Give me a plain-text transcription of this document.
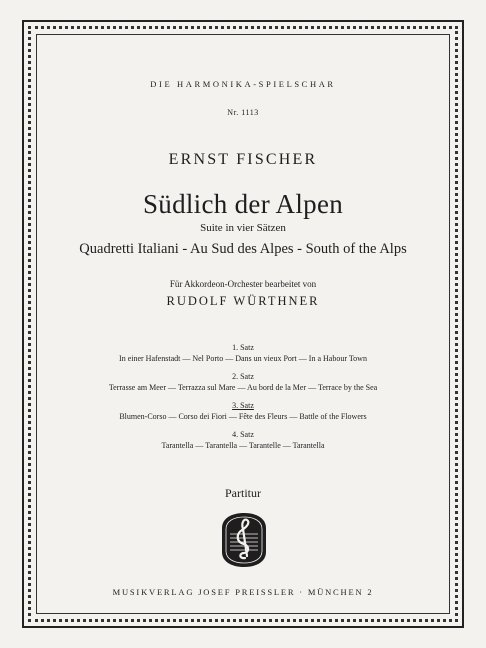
DIE HARMONIKA-SPIELSCHAR
Nr. 1113
ERNST FISCHER
Südlich der Alpen
Suite in vier Sätzen
Quadretti Italiani - Au Sud des Alpes - South of the Alps
Für Akkordeon-Orchester bearbeitet von
RUDOLF WÜRTHNER
1. Satz
In einer Hafenstadt — Nel Porto — Dans un vieux Port — In a Habour Town
2. Satz
Terrasse am Meer — Terrazza sul Mare — Au bord de la Mer — Terrace by the Sea
3. Satz
Blumen-Corso — Corso dei Fiori — Fête des Fleurs — Battle of the Flowers
4. Satz
Tarantella — Tarantella — Tarantelle — Tarantella
Partitur
MUSIKVERLAG JOSEF PREISSLER · MÜNCHEN 2
